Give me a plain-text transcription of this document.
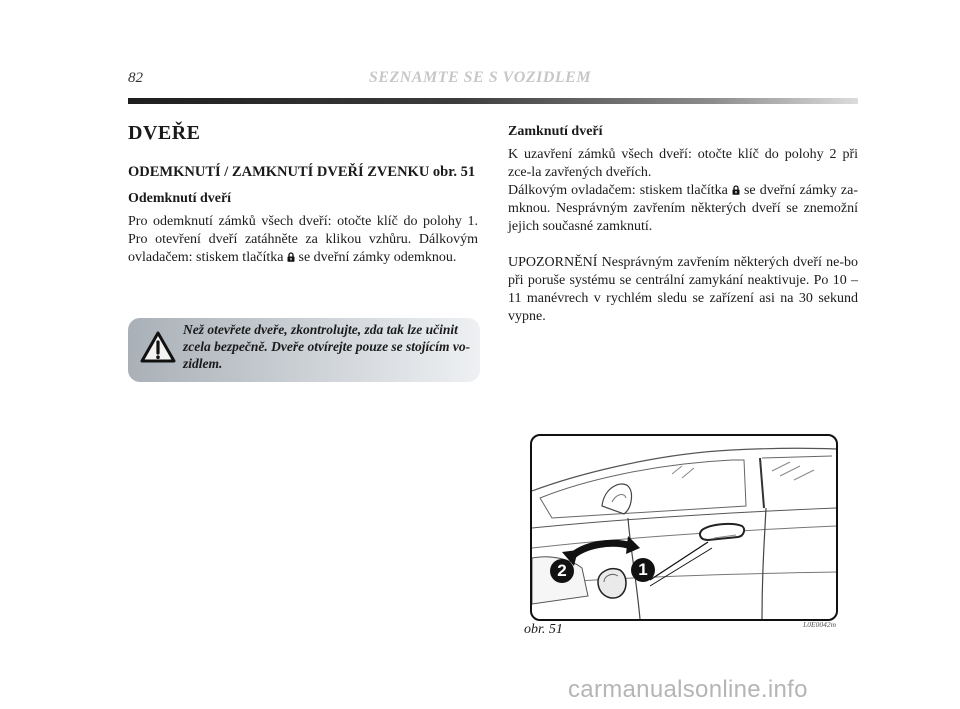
82	SEZNAMTE SE S VOZIDLEM
DVEŘE
ODEMKNUTÍ / ZAMKNUTÍ DVEŘÍ ZVENKU obr. 51
Odemknutí dveří

Pro odemknutí zámků všech dveří: otočte klíč do polohy 1. Pro otevření dveří zatáhněte za klikou vzhůru. Dálkovým ovladačem: stiskem tlačítka se dveřní zámky odemknou.

Než otevřete dveře, zkontrolujte, zda tak lze učinit zcela bezpečně. Dveře otvírejte pouze se stojícím vo-zidlem.
Zamknutí dveří

K uzavření zámků všech dveří: otočte klíč do polohy 2 při zce-la zavřených dveřích.
Dálkovým ovladačem: stiskem tlačítka se dveřní zámky za-mknou. Nesprávným zavřením některých dveří se znemožní jejich současné zamknutí.

UPOZORNĚNÍ Nesprávným zavřením některých dveří ne-bo při poruše systému se centrální zamykání neaktivuje. Po 10 – 11 manévrech v rychlém sledu se zařízení asi na 30 sekund vypne.

2	1
L0E0042m
obr. 51
carmanualsonline.info
